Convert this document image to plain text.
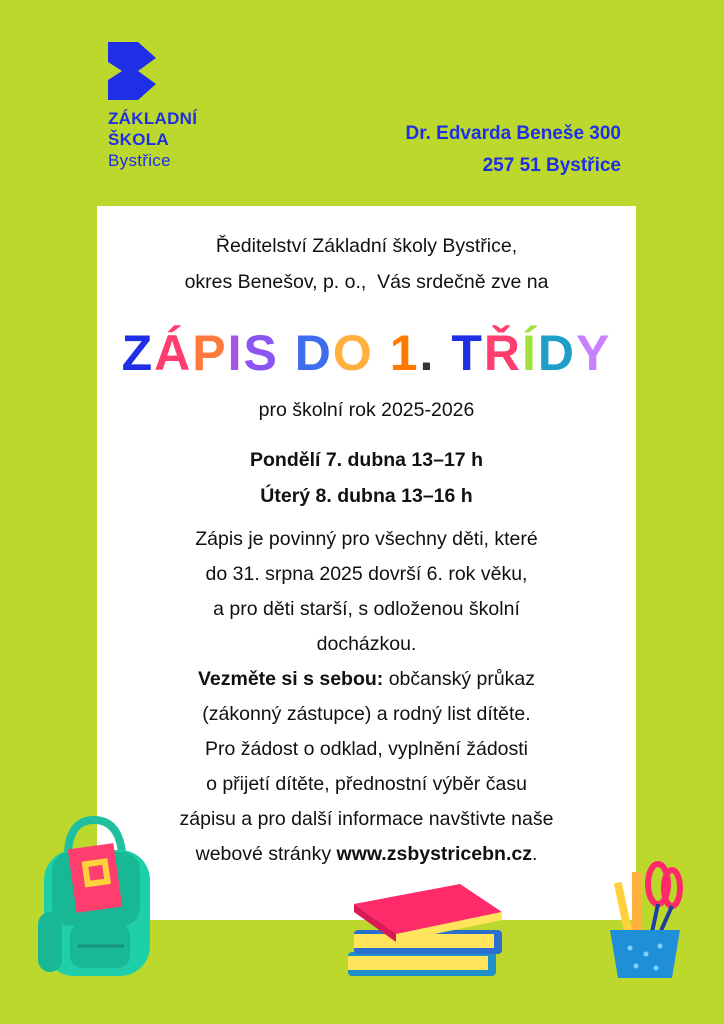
ZÁKLADNÍ
ŠKOLA
Bystřice
Dr. Edvarda Beneše 300
257 51 Bystřice
Ředitelství Základní školy Bystřice,
okres Benešov, p. o.,  Vás srdečně zve na
ZÁPIS DO 1. TŘÍDY
pro školní rok 2025-2026
Pondělí 7. dubna 13–17 h
Úterý 8. dubna 13–16 h
Zápis je povinný pro všechny děti, které
do 31. srpna 2025 dovrší 6. rok věku,
a pro děti starší, s odloženou školní
docházkou.
Vezměte si s sebou: občanský průkaz
(zákonný zástupce) a rodný list dítěte.
Pro žádost o odklad, vyplnění žádosti
o přijetí dítěte, přednostní výběr času
zápisu a pro další informace navštivte naše
webové stránky www.zsbystricebn.cz.
